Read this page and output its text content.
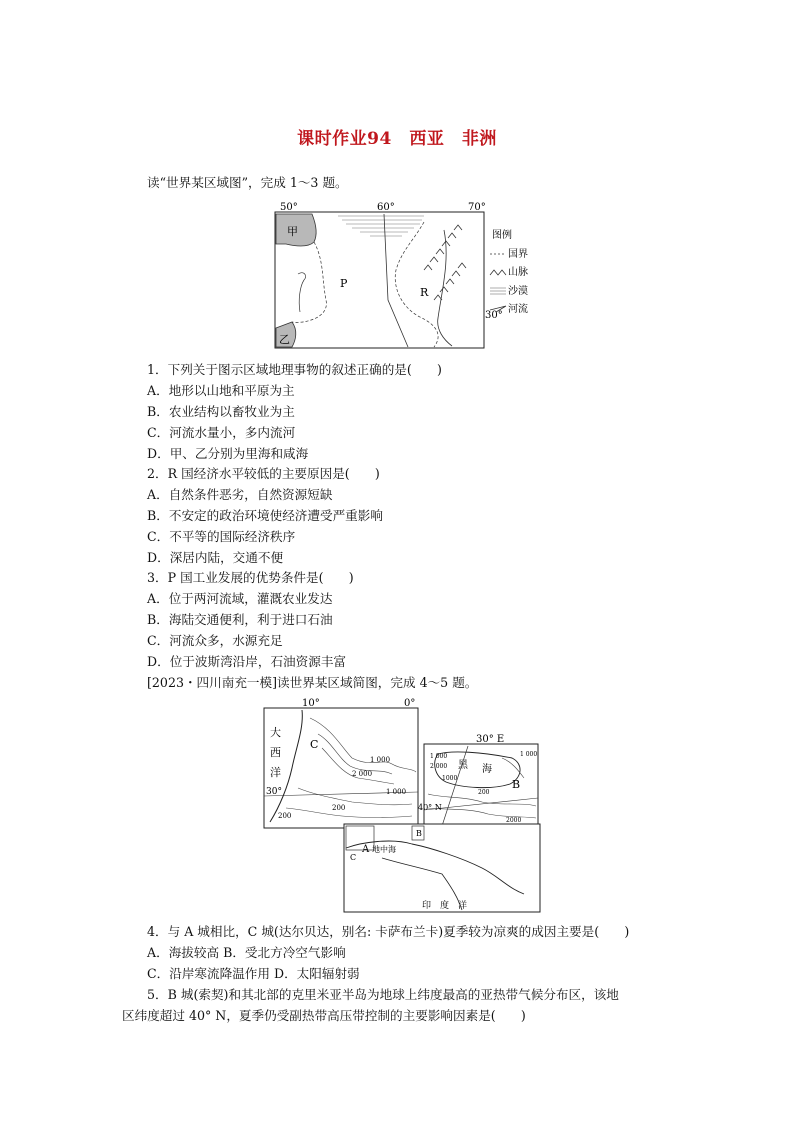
课时作业94　西亚　非洲
读“世界某区域图”，完成 1～3 题。
50°	60°	70°
甲
乙
P
R
30°
图例
国界
山脉
沙漠
河流
1．下列关于图示区域地理事物的叙述正确的是(　　)
A．地形以山地和平原为主
B．农业结构以畜牧业为主
C．河流水量小，多内流河
D．甲、乙分别为里海和咸海
2．R 国经济水平较低的主要原因是(　　)
A．自然条件恶劣，自然资源短缺
B．不安定的政治环境使经济遭受严重影响
C．不平等的国际经济秩序
D．深居内陆，交通不便
3．P 国工业发展的优势条件是(　　)
A．位于两河流域，灌溉农业发达
B．海陆交通便利，利于进口石油
C．河流众多，水源充足
D．位于波斯湾沿岸，石油资源丰富
[2023・四川南充一模]读世界某区域简图，完成 4～5 题。
10°	0°
大
西
洋
30°
C
1 000
2 000
200
200
1 000
30° E
黑 海
1 000
2 000
1000
1 000
200
2000
B
40° N
C
B
A 地中海
印　度　洋
4．与 A 城相比，C 城(达尔贝达，别名: 卡萨布兰卡)夏季较为凉爽的成因主要是(　　)
A．海拔较高 B．受北方冷空气影响
C．沿岸寒流降温作用 D．太阳辐射弱
5．B 城(索契)和其北部的克里米亚半岛为地球上纬度最高的亚热带气候分布区，该地
区纬度超过 40° N，夏季仍受副热带高压带控制的主要影响因素是(　　)
